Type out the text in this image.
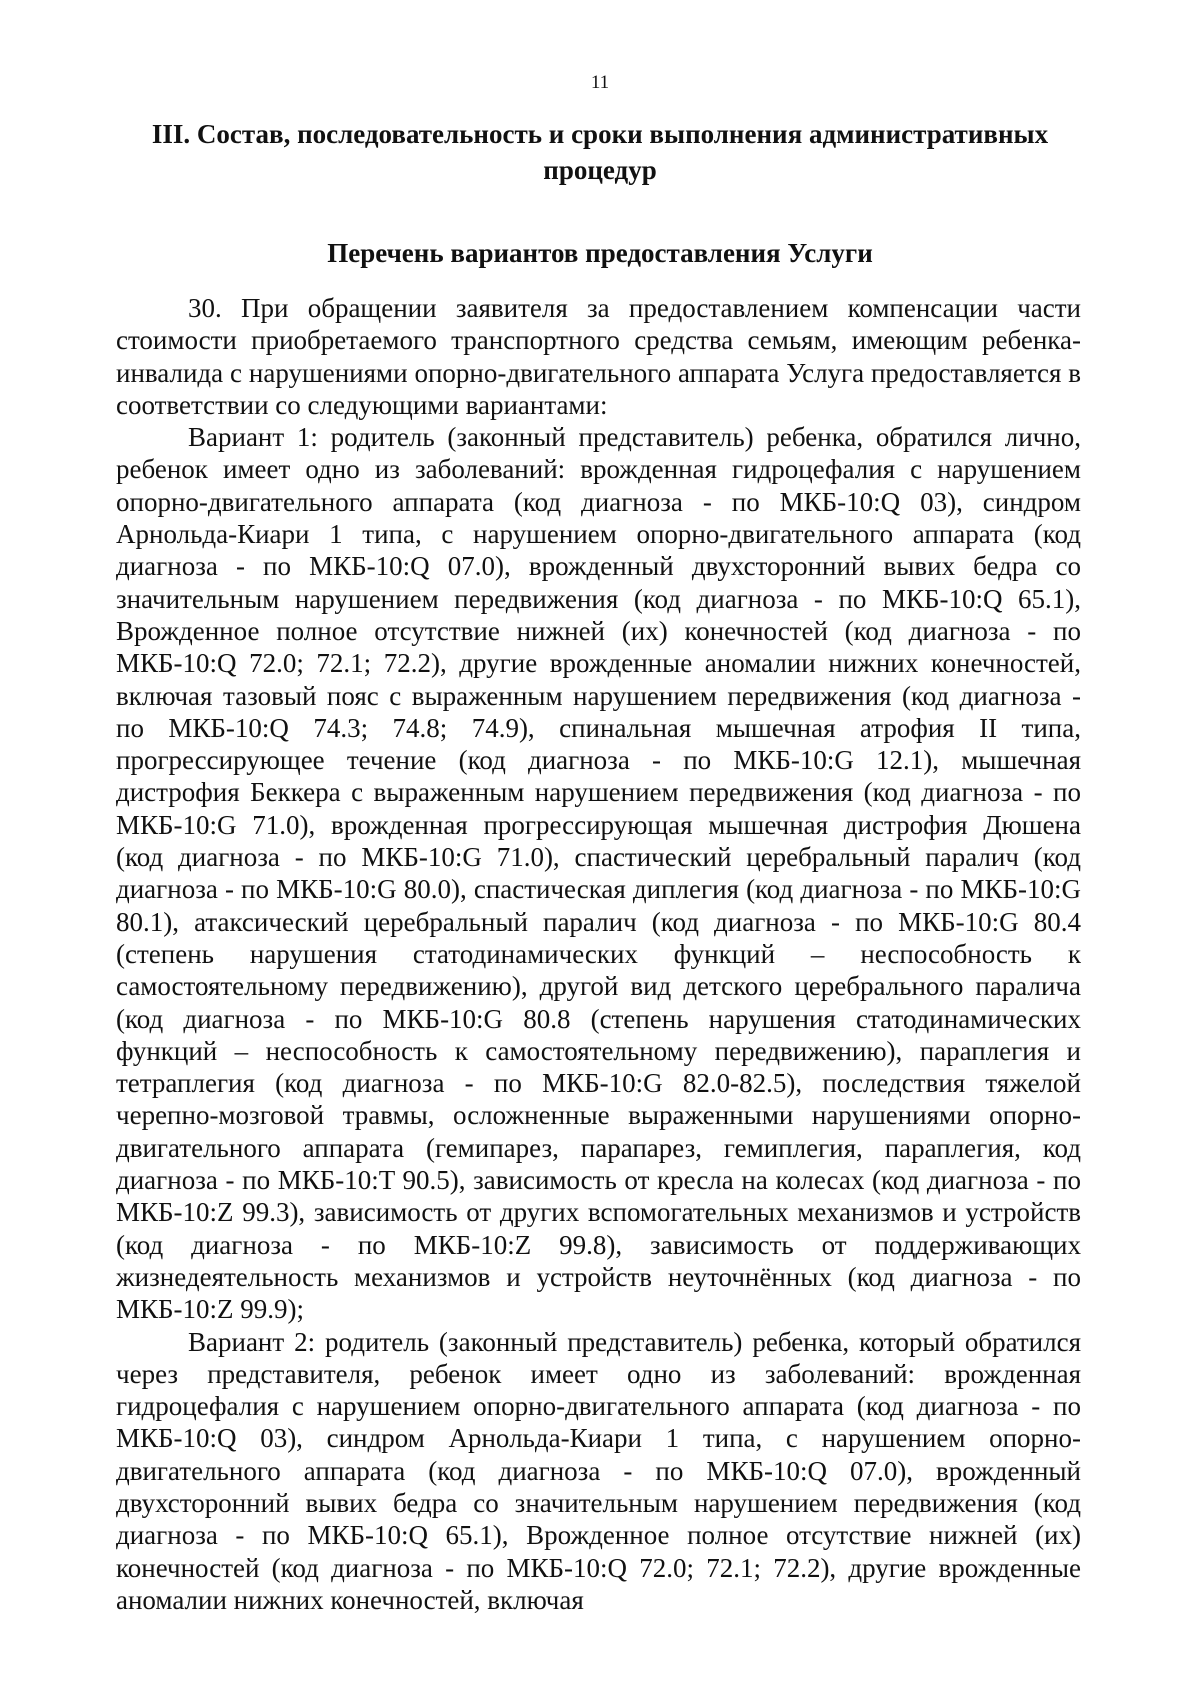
11
III. Состав, последовательность и сроки выполнения административных процедур
Перечень вариантов предоставления Услуги

30. При обращении заявителя за предоставлением компенсации части стоимости приобретаемого транспортного средства семьям, имеющим ребенка-инвалида с нарушениями опорно-двигательного аппарата Услуга предоставляется в соответствии со следующими вариантами:

Вариант 1: родитель (законный представитель) ребенка, обратился лично, ребенок имеет одно из заболеваний: врожденная гидроцефалия с нарушением опорно-двигательного аппарата (код диагноза - по МКБ-10:Q 03), синдром Арнольда-Киари 1 типа, с нарушением опорно-двигательного аппарата (код диагноза - по МКБ-10:Q 07.0), врожденный двухсторонний вывих бедра со значительным нарушением передвижения (код диагноза - по МКБ-10:Q 65.1), Врожденное полное отсутствие нижней (их) конечностей (код диагноза - по МКБ-10:Q 72.0; 72.1; 72.2), другие врожденные аномалии нижних конечностей, включая тазовый пояс с выраженным нарушением передвижения (код диагноза - по МКБ-10:Q 74.3; 74.8; 74.9), спинальная мышечная атрофия II типа, прогрессирующее течение (код диагноза - по МКБ-10:G 12.1), мышечная дистрофия Беккера с выраженным нарушением передвижения (код диагноза - по МКБ-10:G 71.0), врожденная прогрессирующая мышечная дистрофия Дюшена (код диагноза - по МКБ-10:G 71.0), спастический церебральный паралич (код диагноза - по МКБ-10:G 80.0), спастическая диплегия (код диагноза - по МКБ-10:G 80.1), атаксический церебральный паралич (код диагноза - по МКБ-10:G 80.4 (степень нарушения статодинамических функций – неспособность к самостоятельному передвижению), другой вид детского церебрального паралича (код диагноза - по МКБ-10:G 80.8 (степень нарушения статодинамических функций – неспособность к самостоятельному передвижению), параплегия и тетраплегия (код диагноза - по МКБ-10:G 82.0-82.5), последствия тяжелой черепно-мозговой травмы, осложненные выраженными нарушениями опорно-двигательного аппарата (гемипарез, парапарез, гемиплегия, параплегия, код диагноза - по МКБ-10:T 90.5), зависимость от кресла на колесах (код диагноза - по МКБ-10:Z 99.3), зависимость от других вспомогательных механизмов и устройств (код диагноза - по МКБ-10:Z 99.8), зависимость от поддерживающих жизнедеятельность механизмов и устройств неуточнённых (код диагноза - по МКБ-10:Z 99.9);

Вариант 2: родитель (законный представитель) ребенка, который обратился через представителя, ребенок имеет одно из заболеваний: врожденная гидроцефалия с нарушением опорно-двигательного аппарата (код диагноза - по МКБ-10:Q 03), синдром Арнольда-Киари 1 типа, с нарушением опорно-двигательного аппарата (код диагноза - по МКБ-10:Q 07.0), врожденный двухсторонний вывих бедра со значительным нарушением передвижения (код диагноза - по МКБ-10:Q 65.1), Врожденное полное отсутствие нижней (их) конечностей (код диагноза - по МКБ-10:Q 72.0; 72.1; 72.2), другие врожденные аномалии нижних конечностей, включая
